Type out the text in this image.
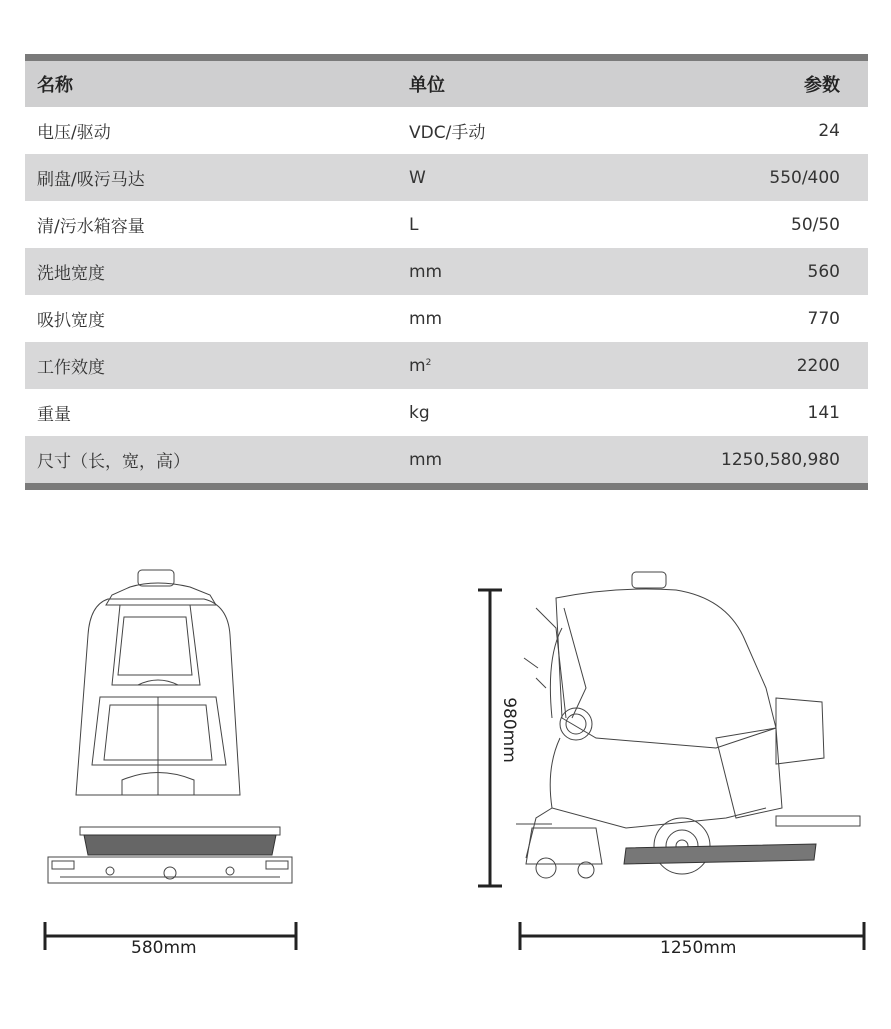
名称	单位	参数
电压/驱动	VDC/手动	24
刷盘/吸污马达	W	550/400
清/污水箱容量	L	50/50
洗地宽度	mm	560
吸扒宽度	mm	770
工作效度	$m^2$	2200
重量	kg	141
尺寸（长，宽，高）	mm	1250,580,980
580mm	1250mm
980mm
